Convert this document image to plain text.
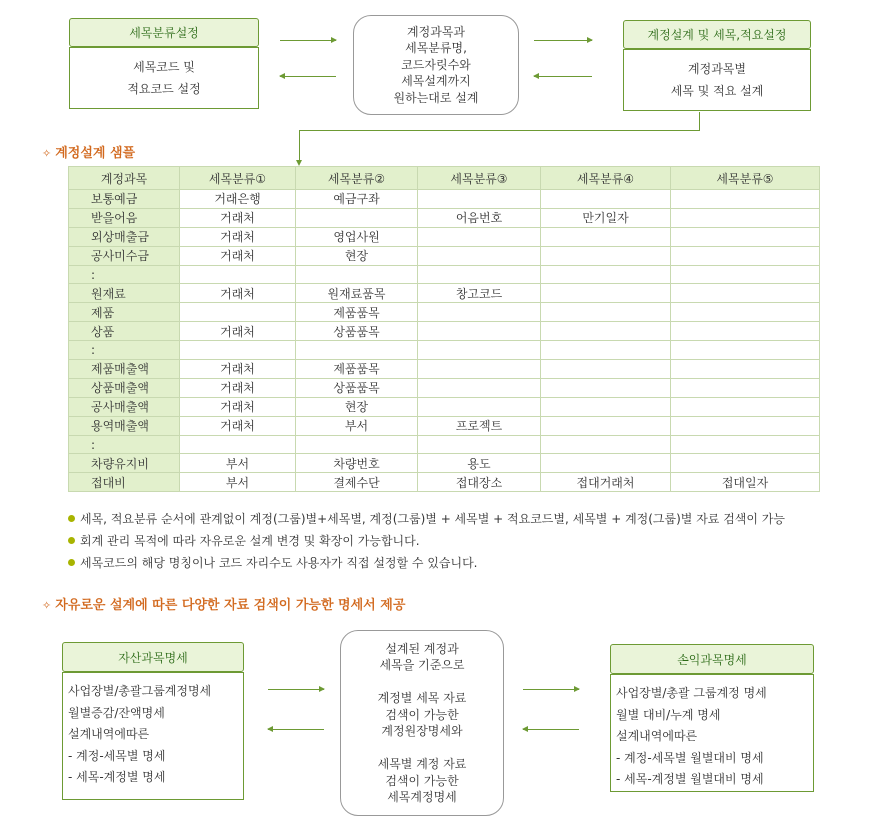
세목분류설정
세목코드 및
적요코드 설정
계정과목과
세목분류명,
코드자릿수와
세목설계까지
원하는대로 설계
계정설계 및 세목,적요설정
계정과목별
세목 및 적요 설계
✧ 계정설계 샘플
계정과목	세목분류①	세목분류②	세목분류③	세목분류④	세목분류⑤
보통예금	거래은행	예금구좌			
받을어음	거래처		어음번호	만기일자	
외상매출금	거래처	영업사원			
공사미수금	거래처	현장			
:					
원재료	거래처	원재료품목	창고코드		
제품		제품품목			
상품	거래처	상품품목			
:					
제품매출액	거래처	제품품목			
상품매출액	거래처	상품품목			
공사매출액	거래처	현장			
용역매출액	거래처	부서	프로젝트		
:					
차량유지비	부서	차량번호	용도		
접대비	부서	결제수단	접대장소	접대거래처	접대일자
세목, 적요분류 순서에 관계없이 계정(그룹)별+세목별, 계정(그룹)별 + 세목별 + 적요코드별, 세목별 + 계정(그룹)별 자료 검색이 가능
회계 관리 목적에 따라 자유로운 설계 변경 및 확장이 가능합니다.
세목코드의 해당 명칭이나 코드 자리수도 사용자가 직접 설정할 수 있습니다.
✧ 자유로운 설계에 따른 다양한 자료 검색이 가능한 명세서 제공
자산과목명세
사업장별/총괄그룹계정명세
월별증감/잔액명세
설계내역에따른
- 계정-세목별 명세
- 세목-계정별 명세
설계된 계정과
세목을 기준으로
계정별 세목 자료
검색이 가능한
계정원장명세와
세목별 계정 자료
검색이 가능한
세목계정명세
손익과목명세
사업장별/총괄 그룹계정 명세
월별 대비/누계 명세
설계내역에따른
- 계정-세목별 월별대비 명세
- 세목-계정별 월별대비 명세
